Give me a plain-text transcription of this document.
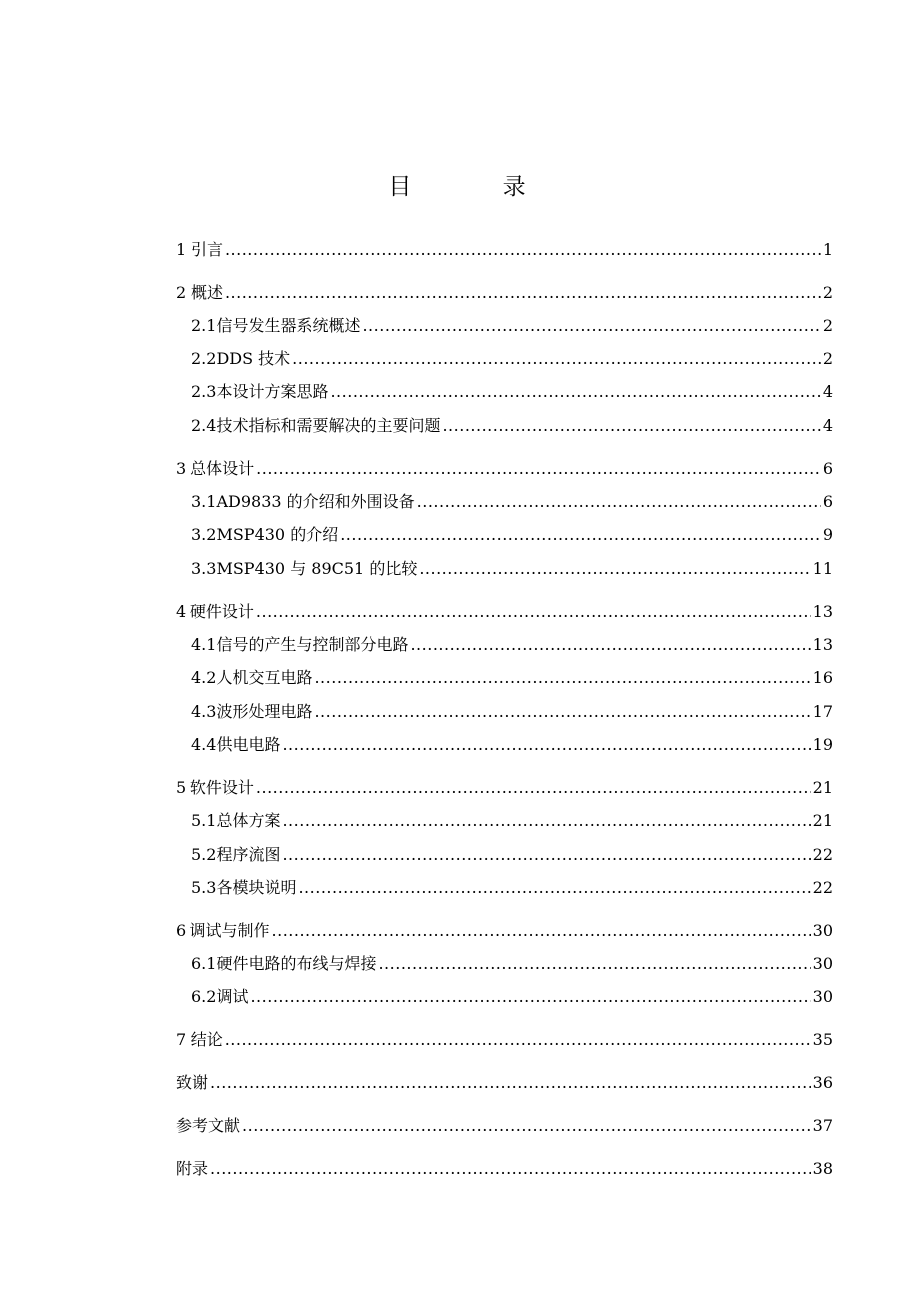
目 录
1 引言 .....	1
2 概述 .....	2
2.1 信号发生器系统概述 .....	2
2.2 DDS 技术 .....	2
2.3 本设计方案思路 .....	4
2.4 技术指标和需要解决的主要问题 .....	4
3 总体设计 .....	6
3.1 AD9833 的介绍和外围设备 .....	6
3.2 MSP430 的介绍 .....	9
3.3 MSP430 与 89C51 的比较 .....	11
4 硬件设计 .....	13
4.1 信号的产生与控制部分电路 .....	13
4.2 人机交互电路 .....	16
4.3 波形处理电路 .....	17
4.4 供电电路 .....	19
5 软件设计 .....	21
5.1 总体方案 .....	21
5.2 程序流图 .....	22
5.3 各模块说明 .....	22
6 调试与制作 .....	30
6.1 硬件电路的布线与焊接 .....	30
6.2 调试 .....	30
7 结论 .....	35
致谢 .....	36
参考文献 .....	37
附录 .....	38
